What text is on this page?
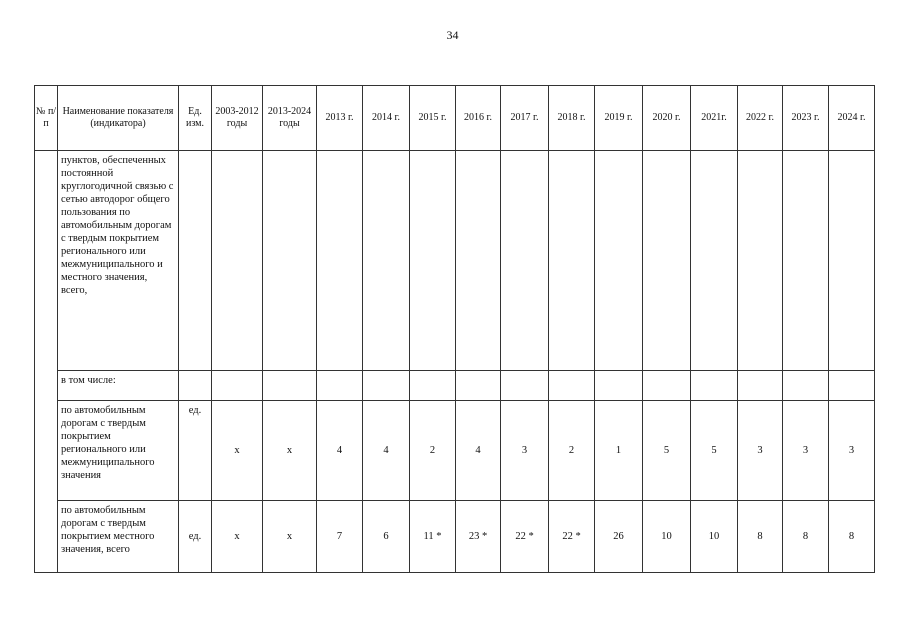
34
№ п/п	Наименование показателя (индикатора)	Ед. изм.	2003-2012 годы	2013-2024 годы	2013 г.	2014 г.	2015 г.	2016 г.	2017 г.	2018 г.	2019 г.	2020 г.	2021г.	2022 г.	2023 г.	2024 г.
	пунктов, обеспеченных постоянной круглогодичной связью с сетью автодорог общего пользования по автомобильным дорогам с твердым покрытием регионального или межмуниципального и местного значения, всего,															
	в том числе:															
	по автомобильным дорогам с твердым покрытием регионального или межмуниципального значения	ед.	х	х	4	4	2	4	3	2	1	5	5	3	3	3
	по автомобильным дорогам с твердым покрытием местного значения, всего	ед.	х	х	7	6	11 *	23 *	22 *	22 *	26	10	10	8	8	8
